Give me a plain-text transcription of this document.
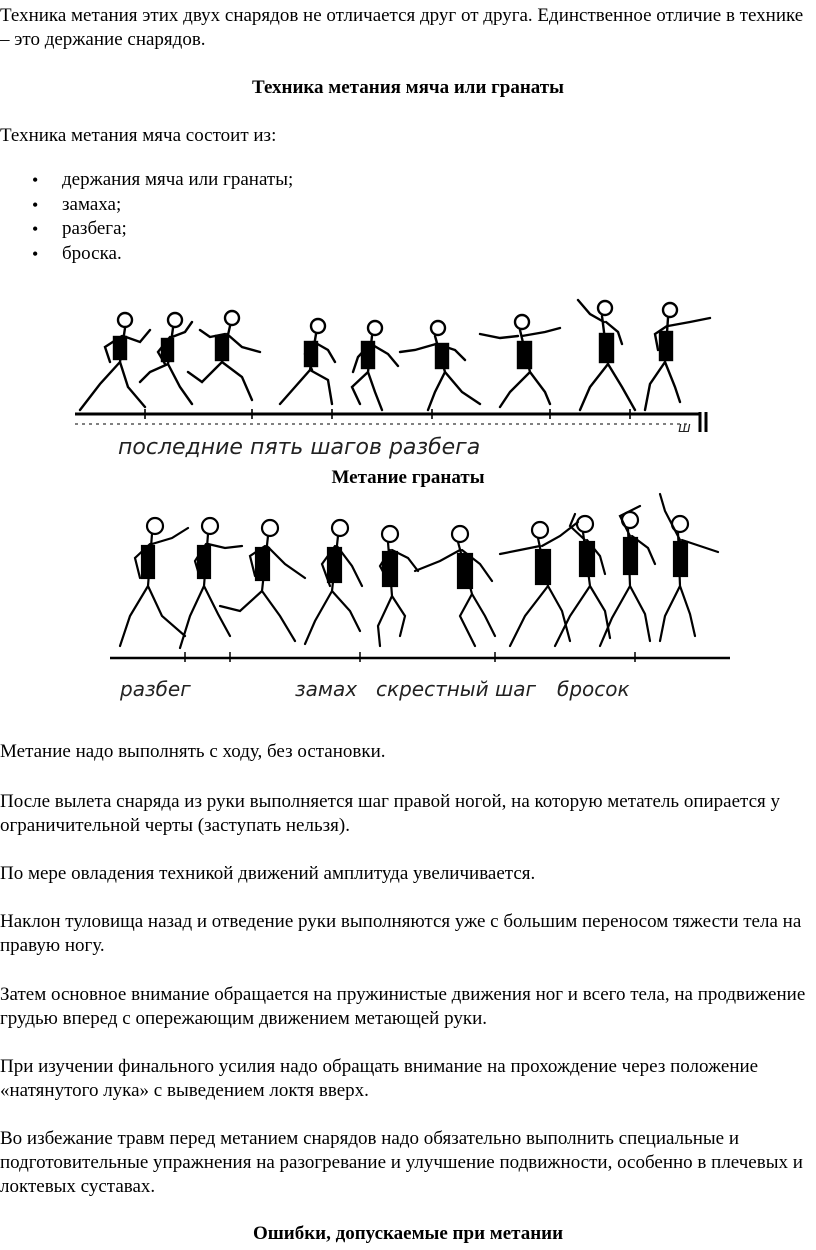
Техника метания этих двух снарядов не отличается друг от друга. Единственное отличие в технике – это держание снарядов.

Техника метания мяча или гранаты

Техника метания мяча состоит из:

• держания мяча или гранаты;
• замаха;
• разбега;
• броска.
ш
последние пять шагов разбега

Метание гранаты

разбег	замах скрестный шаг бросок

Метание надо выполнять с ходу, без остановки.

После вылета снаряда из руки выполняется шаг правой ногой, на которую метатель опирается у ограничительной черты (заступать нельзя).

По мере овладения техникой движений амплитуда увеличивается.

Наклон туловища назад и отведение руки выполняются уже с большим переносом тяжести тела на правую ногу.

Затем основное внимание обращается на пружинистые движения ног и всего тела, на продвижение грудью вперед с опережающим движением метающей руки.

При изучении финального усилия надо обращать внимание на прохождение через положение «натянутого лука» с выведением локтя вверх.

Во избежание травм перед метанием снарядов надо обязательно выполнить специальные и подготовительные упражнения на разогревание и улучшение подвижности, особенно в плечевых и локтевых суставах.

Ошибки, допускаемые при метании
